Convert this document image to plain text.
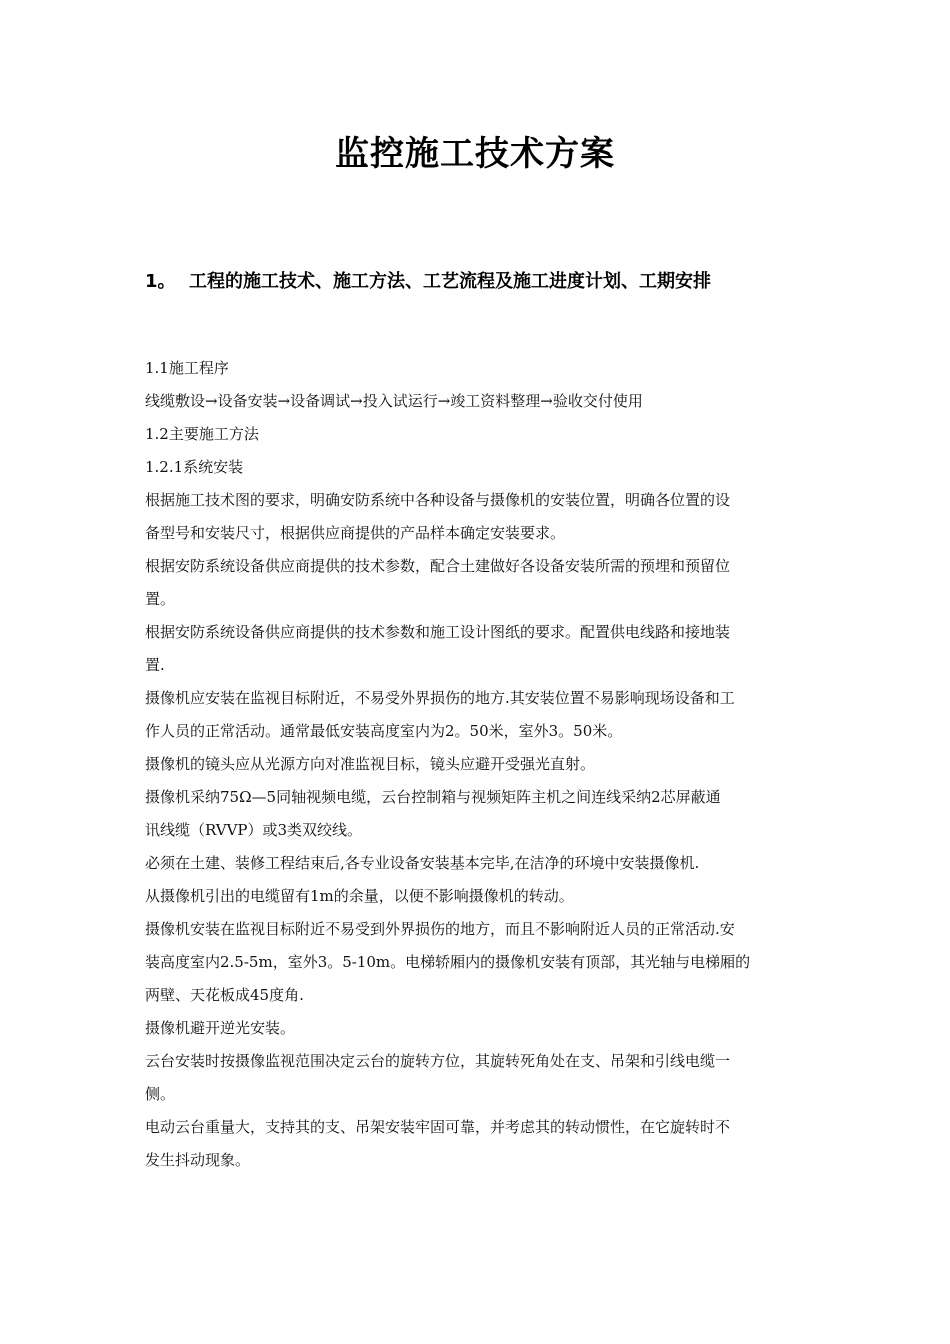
监控施工技术方案
1。 工程的施工技术、施工方法、工艺流程及施工进度计划、工期安排
1.1施工程序
线缆敷设→设备安装→设备调试→投入试运行→竣工资料整理→验收交付使用
1.2主要施工方法
1.2.1系统安装
根据施工技术图的要求，明确安防系统中各种设备与摄像机的安装位置，明确各位置的设
备型号和安装尺寸，根据供应商提供的产品样本确定安装要求。
根据安防系统设备供应商提供的技术参数，配合土建做好各设备安装所需的预埋和预留位
置。
根据安防系统设备供应商提供的技术参数和施工设计图纸的要求。配置供电线路和接地装
置.
摄像机应安装在监视目标附近，不易受外界损伤的地方.其安装位置不易影响现场设备和工
作人员的正常活动。通常最低安装高度室内为2。50米，室外3。50米。
摄像机的镜头应从光源方向对准监视目标，镜头应避开受强光直射。
摄像机采纳75Ω—5同轴视频电缆，云台控制箱与视频矩阵主机之间连线采纳2芯屏蔽通
讯线缆（RVVP）或3类双绞线。
必须在土建、装修工程结束后,各专业设备安装基本完毕,在洁净的环境中安装摄像机.
从摄像机引出的电缆留有1m的余量，以便不影响摄像机的转动。
摄像机安装在监视目标附近不易受到外界损伤的地方，而且不影响附近人员的正常活动.安
装高度室内2.5-5m，室外3。5-10m。电梯轿厢内的摄像机安装有顶部，其光轴与电梯厢的
两壁、天花板成45度角.
摄像机避开逆光安装。
云台安装时按摄像监视范围决定云台的旋转方位，其旋转死角处在支、吊架和引线电缆一
侧。
电动云台重量大，支持其的支、吊架安装牢固可靠，并考虑其的转动惯性，在它旋转时不
发生抖动现象。
